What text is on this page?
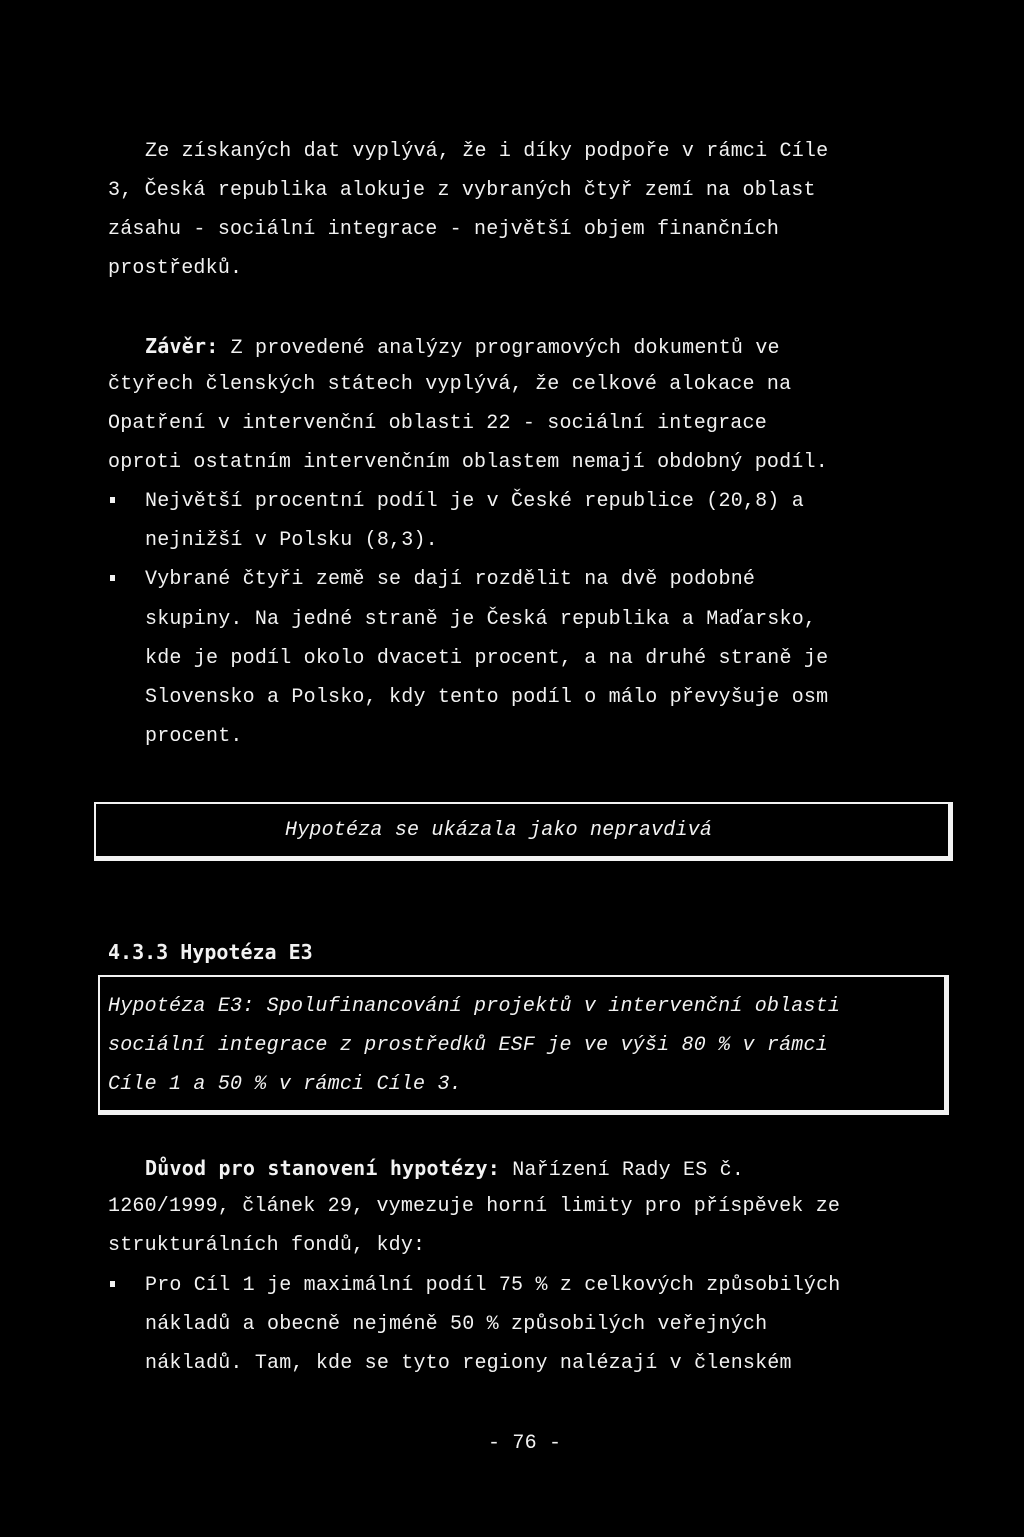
Ze získaných dat vyplývá, že i díky podpoře v rámci Cíle
3, Česká republika alokuje z vybraných čtyř zemí na oblast
zásahu - sociální integrace - největší objem finančních
prostředků.
Závěr: Z provedené analýzy programových dokumentů ve
čtyřech členských státech vyplývá, že celkové alokace na
Opatření v intervenční oblasti 22 - sociální integrace
oproti ostatním intervenčním oblastem nemají obdobný podíl.
Největší procentní podíl je v České republice (20,8) a
nejnižší v Polsku (8,3).
Vybrané čtyři země se dají rozdělit na dvě podobné
skupiny. Na jedné straně je Česká republika a Maďarsko,
kde je podíl okolo dvaceti procent, a na druhé straně je
Slovensko a Polsko, kdy tento podíl o málo převyšuje osm
procent.
Hypotéza se ukázala jako nepravdivá
4.3.3 Hypotéza E3
Hypotéza E3: Spolufinancování projektů v intervenční oblasti
sociální integrace z prostředků ESF je ve výši 80 % v rámci
Cíle 1 a 50 % v rámci Cíle 3.
Důvod pro stanovení hypotézy: Nařízení Rady ES č.
1260/1999, článek 29, vymezuje horní limity pro příspěvek ze
strukturálních fondů, kdy:
Pro Cíl 1 je maximální podíl 75 % z celkových způsobilých
nákladů a obecně nejméně 50 % způsobilých veřejných
nákladů. Tam, kde se tyto regiony nalézají v členském
- 76 -
